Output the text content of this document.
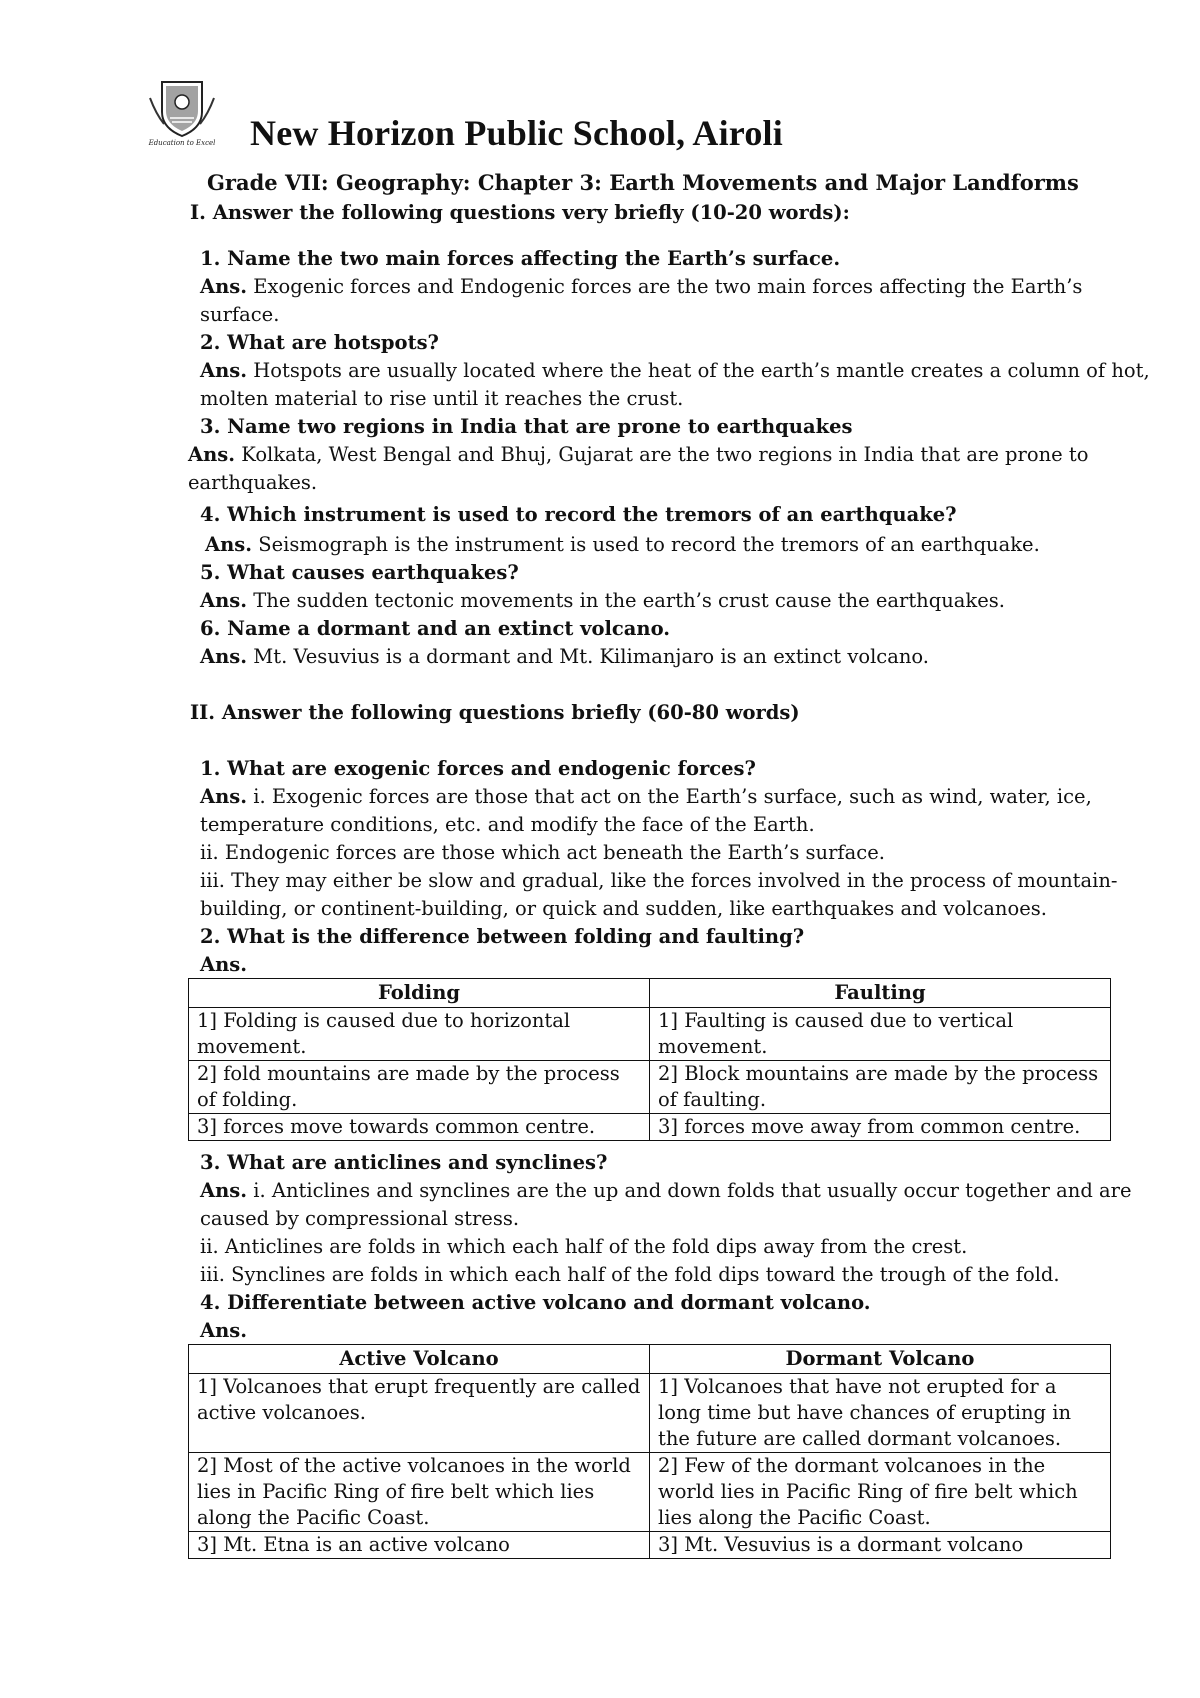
Education to Excel New Horizon Public School, Airoli
Grade VII: Geography: Chapter 3: Earth Movements and Major Landforms
I. Answer the following questions very briefly (10-20 words):
1. Name the two main forces affecting the Earth’s surface.
Ans. Exogenic forces and Endogenic forces are the two main forces affecting the Earth’s
surface.
2. What are hotspots?
Ans. Hotspots are usually located where the heat of the earth’s mantle creates a column of hot,
molten material to rise until it reaches the crust.
3. Name two regions in India that are prone to earthquakes
Ans. Kolkata, West Bengal and Bhuj, Gujarat are the two regions in India that are prone to
earthquakes.
4. Which instrument is used to record the tremors of an earthquake?
Ans. Seismograph is the instrument is used to record the tremors of an earthquake.
5. What causes earthquakes?
Ans. The sudden tectonic movements in the earth’s crust cause the earthquakes.
6. Name a dormant and an extinct volcano.
Ans. Mt. Vesuvius is a dormant and Mt. Kilimanjaro is an extinct volcano.
II. Answer the following questions briefly (60-80 words)
1. What are exogenic forces and endogenic forces?
Ans. i. Exogenic forces are those that act on the Earth’s surface, such as wind, water, ice,
temperature conditions, etc. and modify the face of the Earth.
ii. Endogenic forces are those which act beneath the Earth’s surface.
iii. They may either be slow and gradual, like the forces involved in the process of mountain-
building, or continent-building, or quick and sudden, like earthquakes and volcanoes.
2. What is the difference between folding and faulting?
Ans.
Folding	Faulting
1] Folding is caused due to horizontal movement.	1] Faulting is caused due to vertical movement.
2] fold mountains are made by the process of folding.	2] Block mountains are made by the process of faulting.
3] forces move towards common centre.	3] forces move away from common centre.
3. What are anticlines and synclines?
Ans. i. Anticlines and synclines are the up and down folds that usually occur together and are
caused by compressional stress.
ii. Anticlines are folds in which each half of the fold dips away from the crest.
iii. Synclines are folds in which each half of the fold dips toward the trough of the fold.
4. Differentiate between active volcano and dormant volcano.
Ans.
Active Volcano	Dormant Volcano
1] Volcanoes that erupt frequently are called active volcanoes.	1] Volcanoes that have not erupted for a long time but have chances of erupting in the future are called dormant volcanoes.
2] Most of the active volcanoes in the world lies in Pacific Ring of fire belt which lies along the Pacific Coast.	2] Few of the dormant volcanoes in the world lies in Pacific Ring of fire belt which lies along the Pacific Coast.
3] Mt. Etna is an active volcano	3] Mt. Vesuvius is a dormant volcano
